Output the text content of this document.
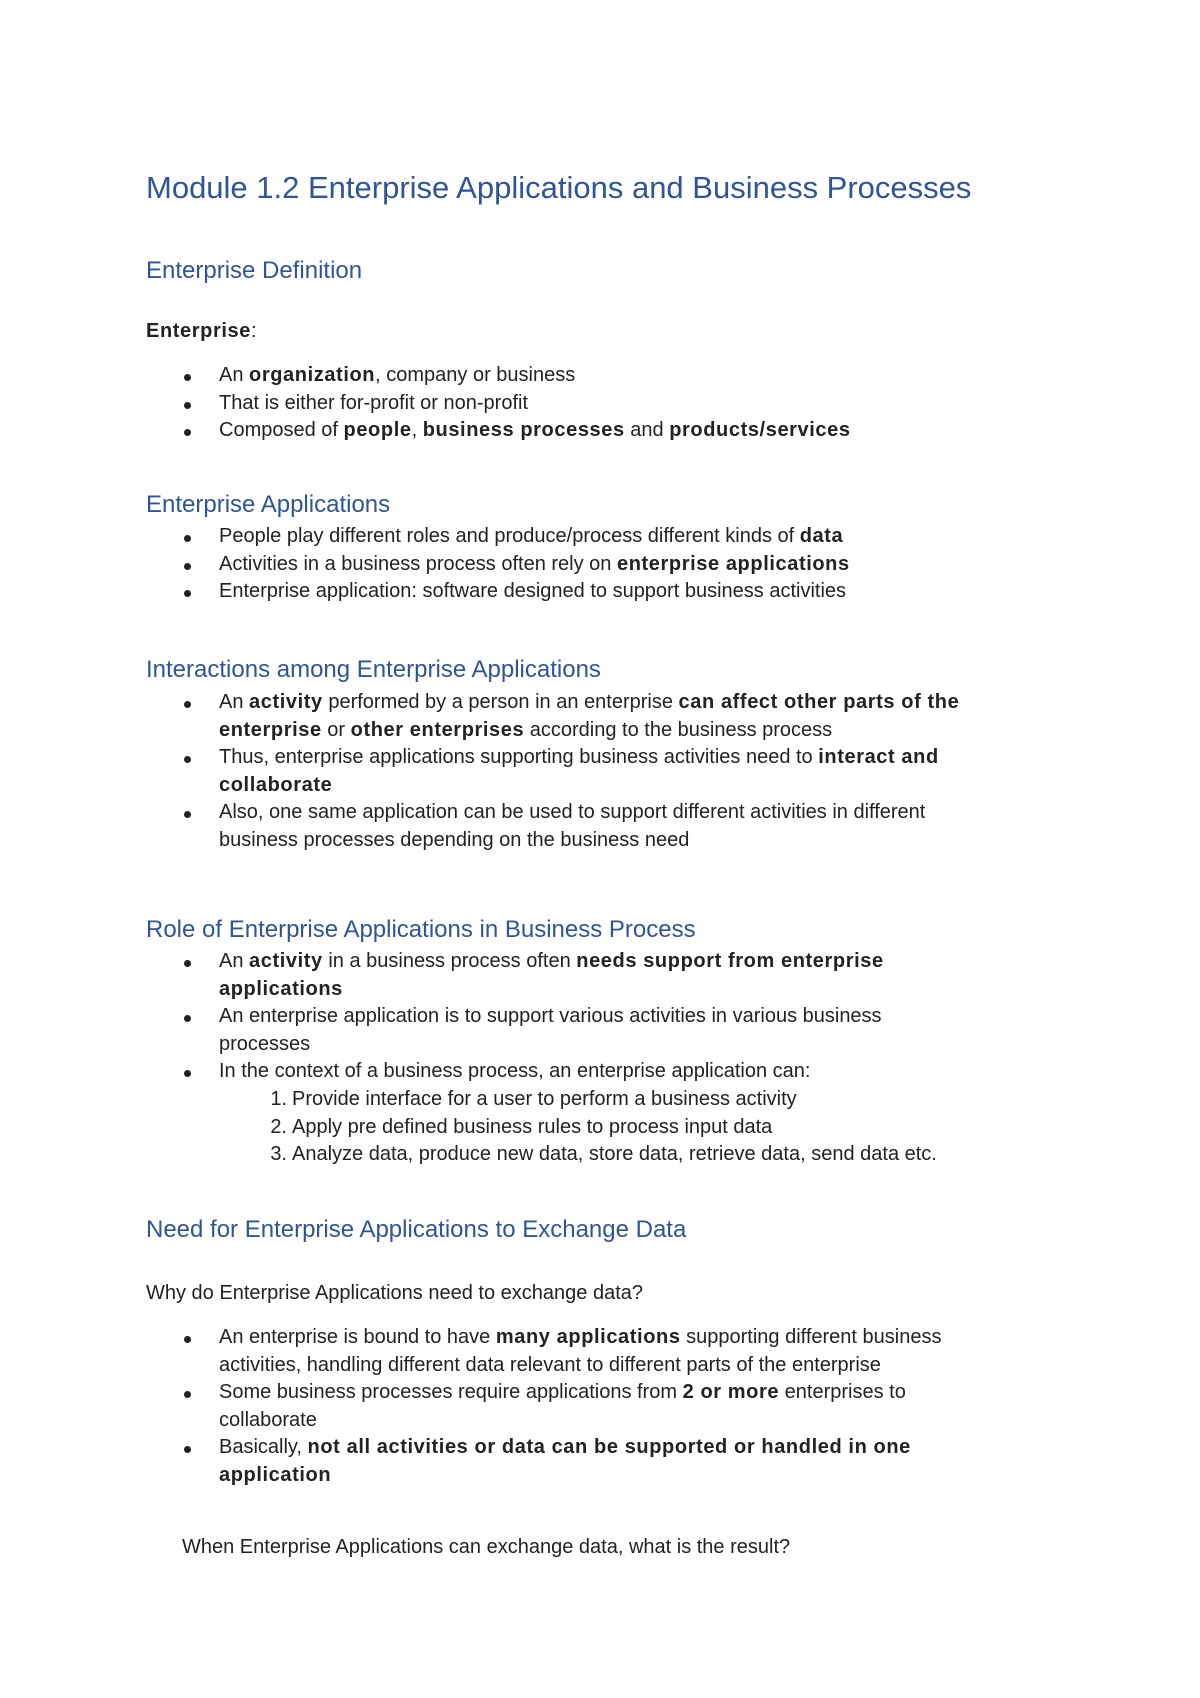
Module 1.2 Enterprise Applications and Business Processes
Enterprise Definition

Enterprise:

An organization, company or business
That is either for-profit or non-profit
Composed of people, business processes and products/services
Enterprise Applications
People play different roles and produce/process different kinds of data
Activities in a business process often rely on enterprise applications
Enterprise application: software designed to support business activities
Interactions among Enterprise Applications
An activity performed by a person in an enterprise can affect other parts of the
enterprise or other enterprises according to the business process
Thus, enterprise applications supporting business activities need to interact and
collaborate
Also, one same application can be used to support different activities in different
business processes depending on the business need
Role of Enterprise Applications in Business Process
An activity in a business process often needs support from enterprise
applications
An enterprise application is to support various activities in various business
processes
In the context of a business process, an enterprise application can:
1. Provide interface for a user to perform a business activity
2. Apply pre defined business rules to process input data
3. Analyze data, produce new data, store data, retrieve data, send data etc.
Need for Enterprise Applications to Exchange Data

Why do Enterprise Applications need to exchange data?

An enterprise is bound to have many applications supporting different business
activities, handling different data relevant to different parts of the enterprise
Some business processes require applications from 2 or more enterprises to
collaborate
Basically, not all activities or data can be supported or handled in one
application

When Enterprise Applications can exchange data, what is the result?
